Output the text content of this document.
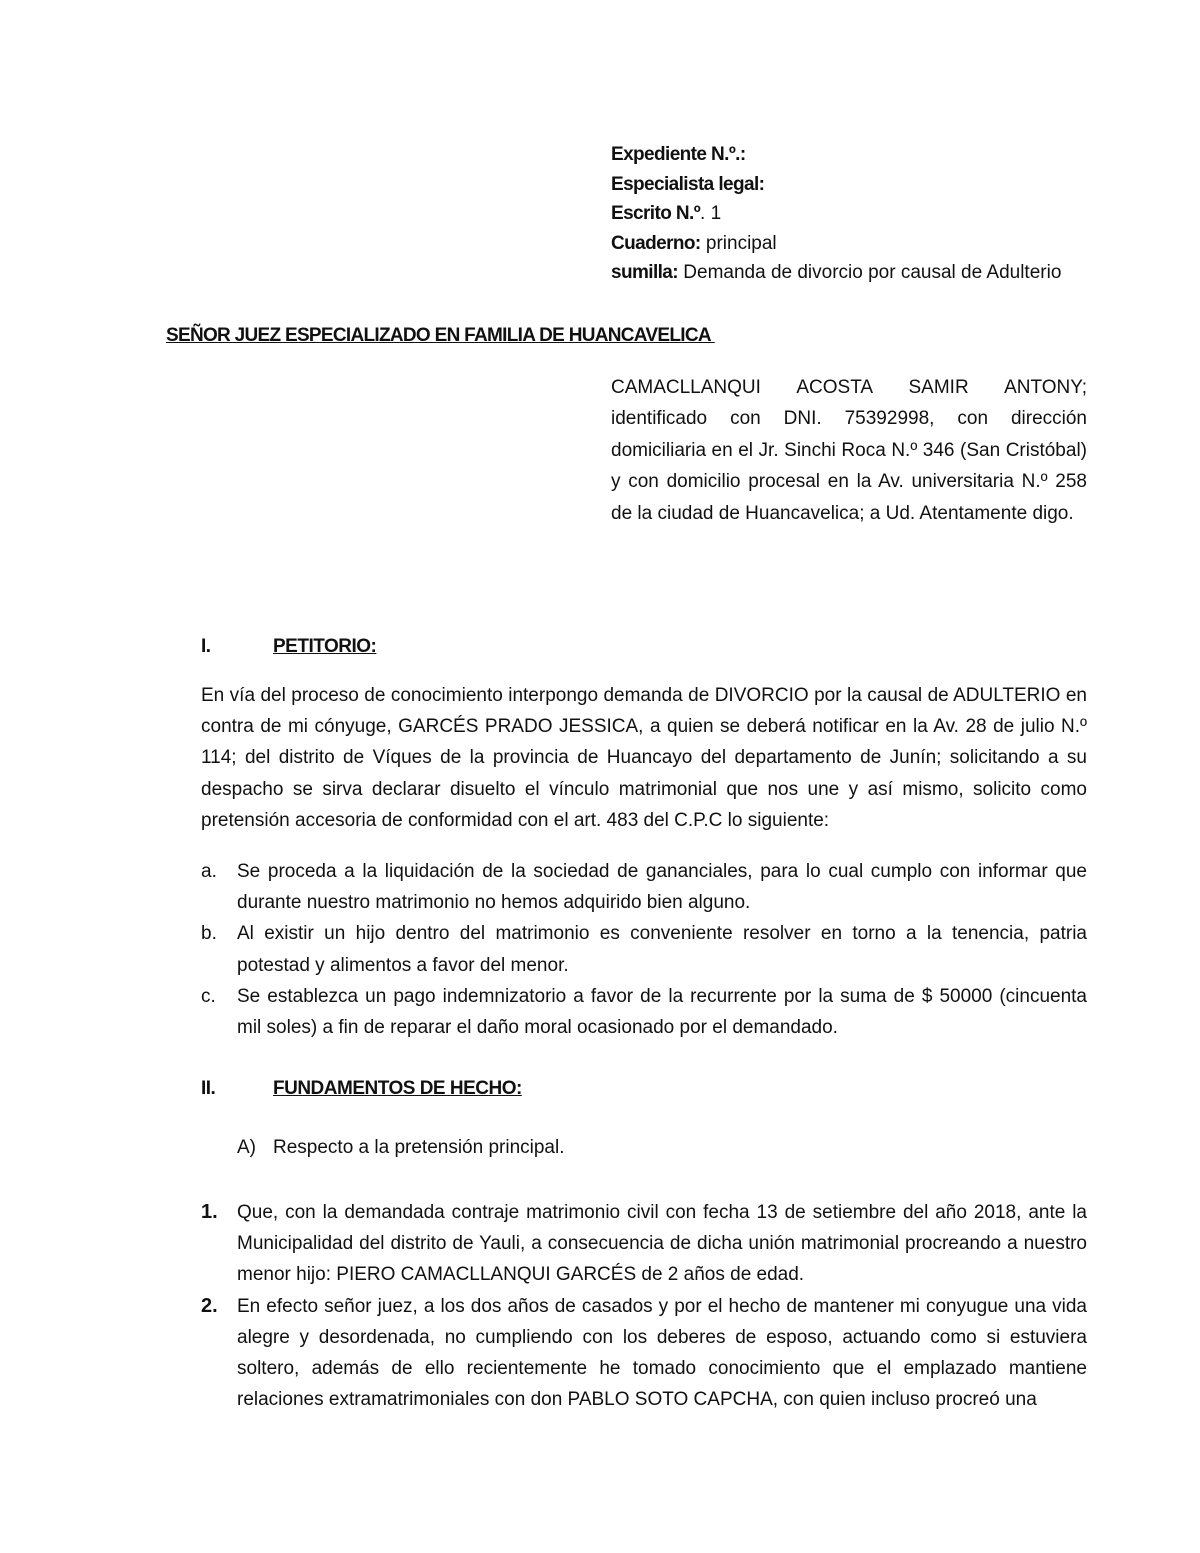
Expediente N.º.:
Especialista legal:
Escrito N.º. 1
Cuaderno: principal
sumilla: Demanda de divorcio por causal de Adulterio
SEÑOR JUEZ ESPECIALIZADO EN FAMILIA DE HUANCAVELICA

CAMACLLANQUI ACOSTA SAMIR ANTONY; identificado con DNI. 75392998, con dirección domiciliaria en el Jr. Sinchi Roca N.º 346 (San Cristóbal) y con domicilio procesal en la Av. universitaria N.º 258 de la ciudad de Huancavelica; a Ud. Atentamente digo.

I.	PETITORIO:

En vía del proceso de conocimiento interpongo demanda de DIVORCIO por la causal de ADULTERIO en contra de mi cónyuge, GARCÉS PRADO JESSICA, a quien se deberá notificar en la Av. 28 de julio N.º 114; del distrito de Víques de la provincia de Huancayo del departamento de Junín; solicitando a su despacho se sirva declarar disuelto el vínculo matrimonial que nos une y así mismo, solicito como pretensión accesoria de conformidad con el art. 483 del C.P.C lo siguiente:

a. Se proceda a la liquidación de la sociedad de gananciales, para lo cual cumplo con informar que durante nuestro matrimonio no hemos adquirido bien alguno.
b. Al existir un hijo dentro del matrimonio es conveniente resolver en torno a la tenencia, patria potestad y alimentos a favor del menor.
c. Se establezca un pago indemnizatorio a favor de la recurrente por la suma de $ 50000 (cincuenta mil soles) a fin de reparar el daño moral ocasionado por el demandado.
II.	FUNDAMENTOS DE HECHO:
A) Respecto a la pretensión principal.
1. Que, con la demandada contraje matrimonio civil con fecha 13 de setiembre del año 2018, ante la Municipalidad del distrito de Yauli, a consecuencia de dicha unión matrimonial procreando a nuestro menor hijo: PIERO CAMACLLANQUI GARCÉS de 2 años de edad.
2. En efecto señor juez, a los dos años de casados y por el hecho de mantener mi conyugue una vida alegre y desordenada, no cumpliendo con los deberes de esposo, actuando como si estuviera soltero, además de ello recientemente he tomado conocimiento que el emplazado mantiene relaciones extramatrimoniales con don PABLO SOTO CAPCHA, con quien incluso procreó una
